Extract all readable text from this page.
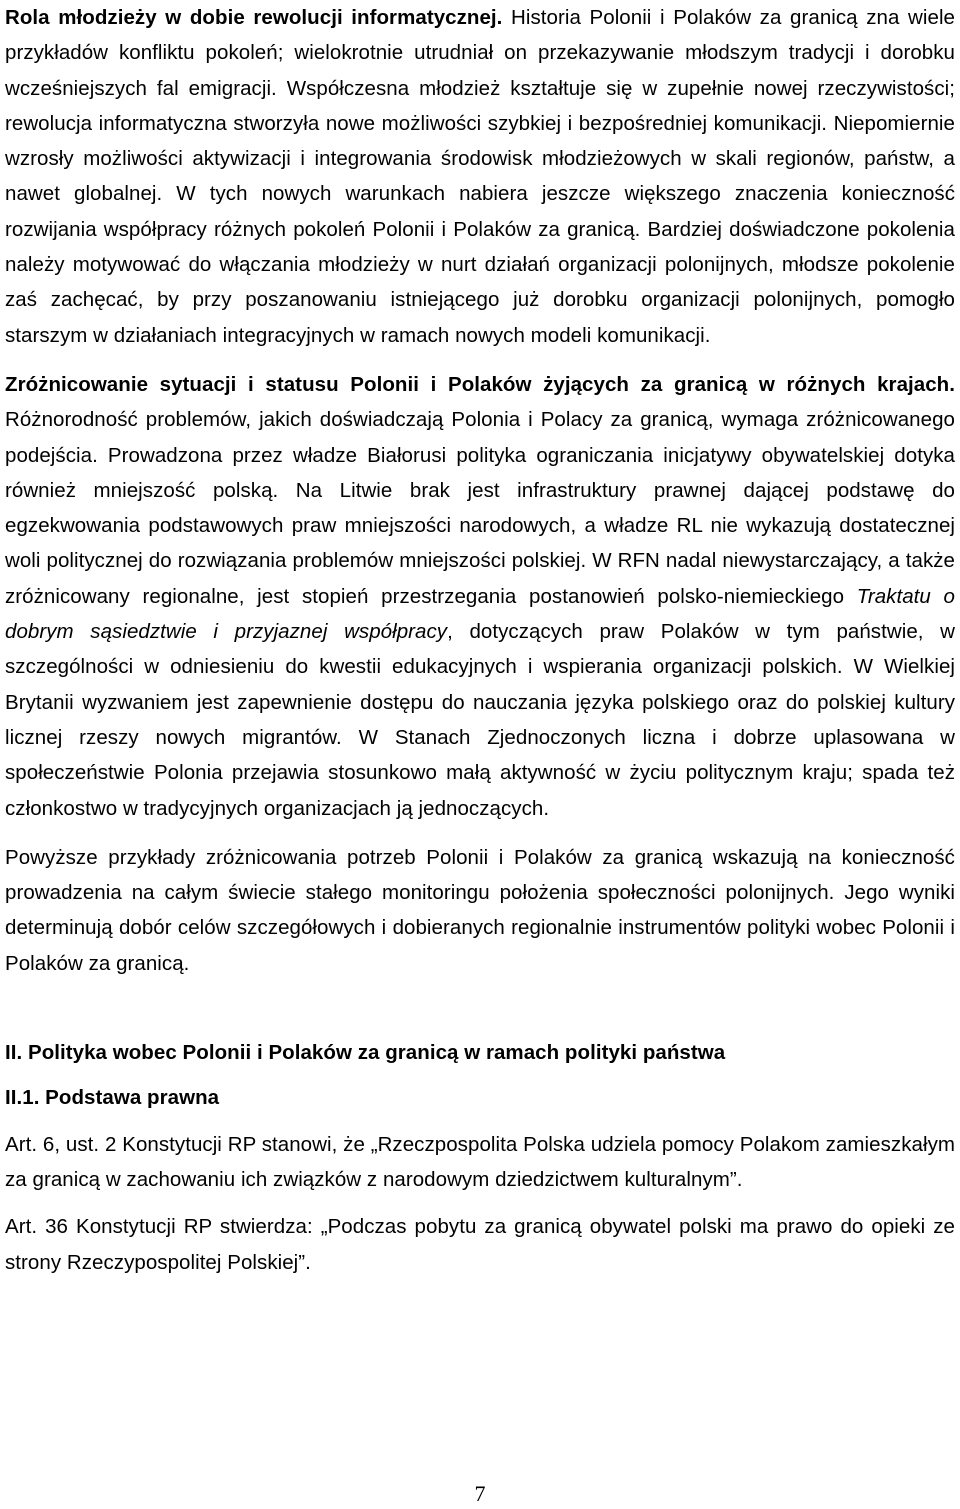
Rola młodzieży w dobie rewolucji informatycznej. Historia Polonii i Polaków za granicą zna wiele przykładów konfliktu pokoleń; wielokrotnie utrudniał on przekazywanie młodszym tradycji i dorobku wcześniejszych fal emigracji. Współczesna młodzież kształtuje się w zupełnie nowej rzeczywistości; rewolucja informatyczna stworzyła nowe możliwości szybkiej i bezpośredniej komunikacji. Niepomiernie wzrosły możliwości aktywizacji i integrowania środowisk młodzieżowych w skali regionów, państw, a nawet globalnej. W tych nowych warunkach nabiera jeszcze większego znaczenia konieczność rozwijania współpracy różnych pokoleń Polonii i Polaków za granicą. Bardziej doświadczone pokolenia należy motywować do włączania młodzieży w nurt działań organizacji polonijnych, młodsze pokolenie zaś zachęcać, by przy poszanowaniu istniejącego już dorobku organizacji polonijnych, pomogło starszym w działaniach integracyjnych w ramach nowych modeli komunikacji.

Zróżnicowanie sytuacji i statusu Polonii i Polaków żyjących za granicą w różnych krajach. Różnorodność problemów, jakich doświadczają Polonia i Polacy za granicą, wymaga zróżnicowanego podejścia. Prowadzona przez władze Białorusi polityka ograniczania inicjatywy obywatelskiej dotyka również mniejszość polską. Na Litwie brak jest infrastruktury prawnej dającej podstawę do egzekwowania podstawowych praw mniejszości narodowych, a władze RL nie wykazują dostatecznej woli politycznej do rozwiązania problemów mniejszości polskiej. W RFN nadal niewystarczający, a także zróżnicowany regionalne, jest stopień przestrzegania postanowień polsko-niemieckiego Traktatu o dobrym sąsiedztwie i przyjaznej współpracy, dotyczących praw Polaków w tym państwie, w szczególności w odniesieniu do kwestii edukacyjnych i wspierania organizacji polskich. W Wielkiej Brytanii wyzwaniem jest zapewnienie dostępu do nauczania języka polskiego oraz do polskiej kultury licznej rzeszy nowych migrantów. W Stanach Zjednoczonych liczna i dobrze uplasowana w społeczeństwie Polonia przejawia stosunkowo małą aktywność w życiu politycznym kraju; spada też członkostwo w tradycyjnych organizacjach ją jednoczących.

Powyższe przykłady zróżnicowania potrzeb Polonii i Polaków za granicą wskazują na konieczność prowadzenia na całym świecie stałego monitoringu położenia społeczności polonijnych. Jego wyniki determinują dobór celów szczegółowych i dobieranych regionalnie instrumentów polityki wobec Polonii i Polaków za granicą.

II. Polityka wobec Polonii i Polaków za granicą w ramach polityki państwa

II.1. Podstawa prawna

Art. 6, ust. 2 Konstytucji RP stanowi, że „Rzeczpospolita Polska udziela pomocy Polakom zamieszkałym za granicą w zachowaniu ich związków z narodowym dziedzictwem kulturalnym”.

Art. 36 Konstytucji RP stwierdza: „Podczas pobytu za granicą obywatel polski ma prawo do opieki ze strony Rzeczypospolitej Polskiej”.

7
